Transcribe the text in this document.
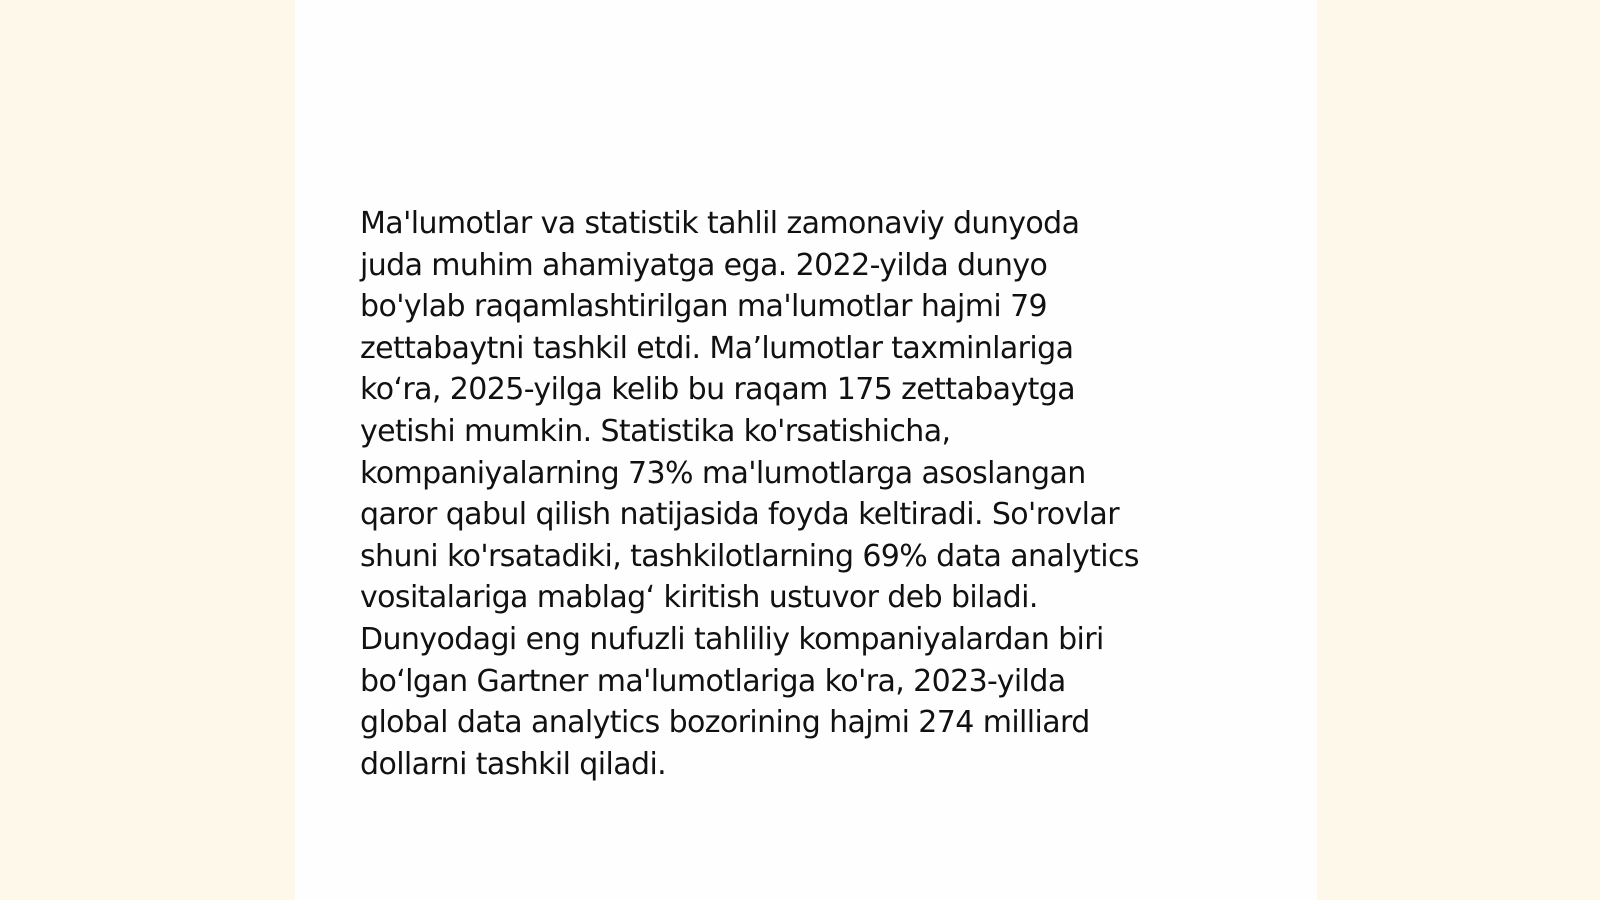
Ma'lumotlar va statistik tahlil zamonaviy dunyoda
juda muhim ahamiyatga ega. 2022-yilda dunyo
bo'ylab raqamlashtirilgan ma'lumotlar hajmi 79
zettabaytni tashkil etdi. Ma’lumotlar taxminlariga
ko‘ra, 2025-yilga kelib bu raqam 175 zettabaytga
yetishi mumkin. Statistika ko'rsatishicha,
kompaniyalarning 73% ma'lumotlarga asoslangan
qaror qabul qilish natijasida foyda keltiradi. So'rovlar
shuni ko'rsatadiki, tashkilotlarning 69% data analytics
vositalariga mablag‘ kiritish ustuvor deb biladi.
Dunyodagi eng nufuzli tahliliy kompaniyalardan biri
bo‘lgan Gartner ma'lumotlariga ko'ra, 2023-yilda
global data analytics bozorining hajmi 274 milliard
dollarni tashkil qiladi.
